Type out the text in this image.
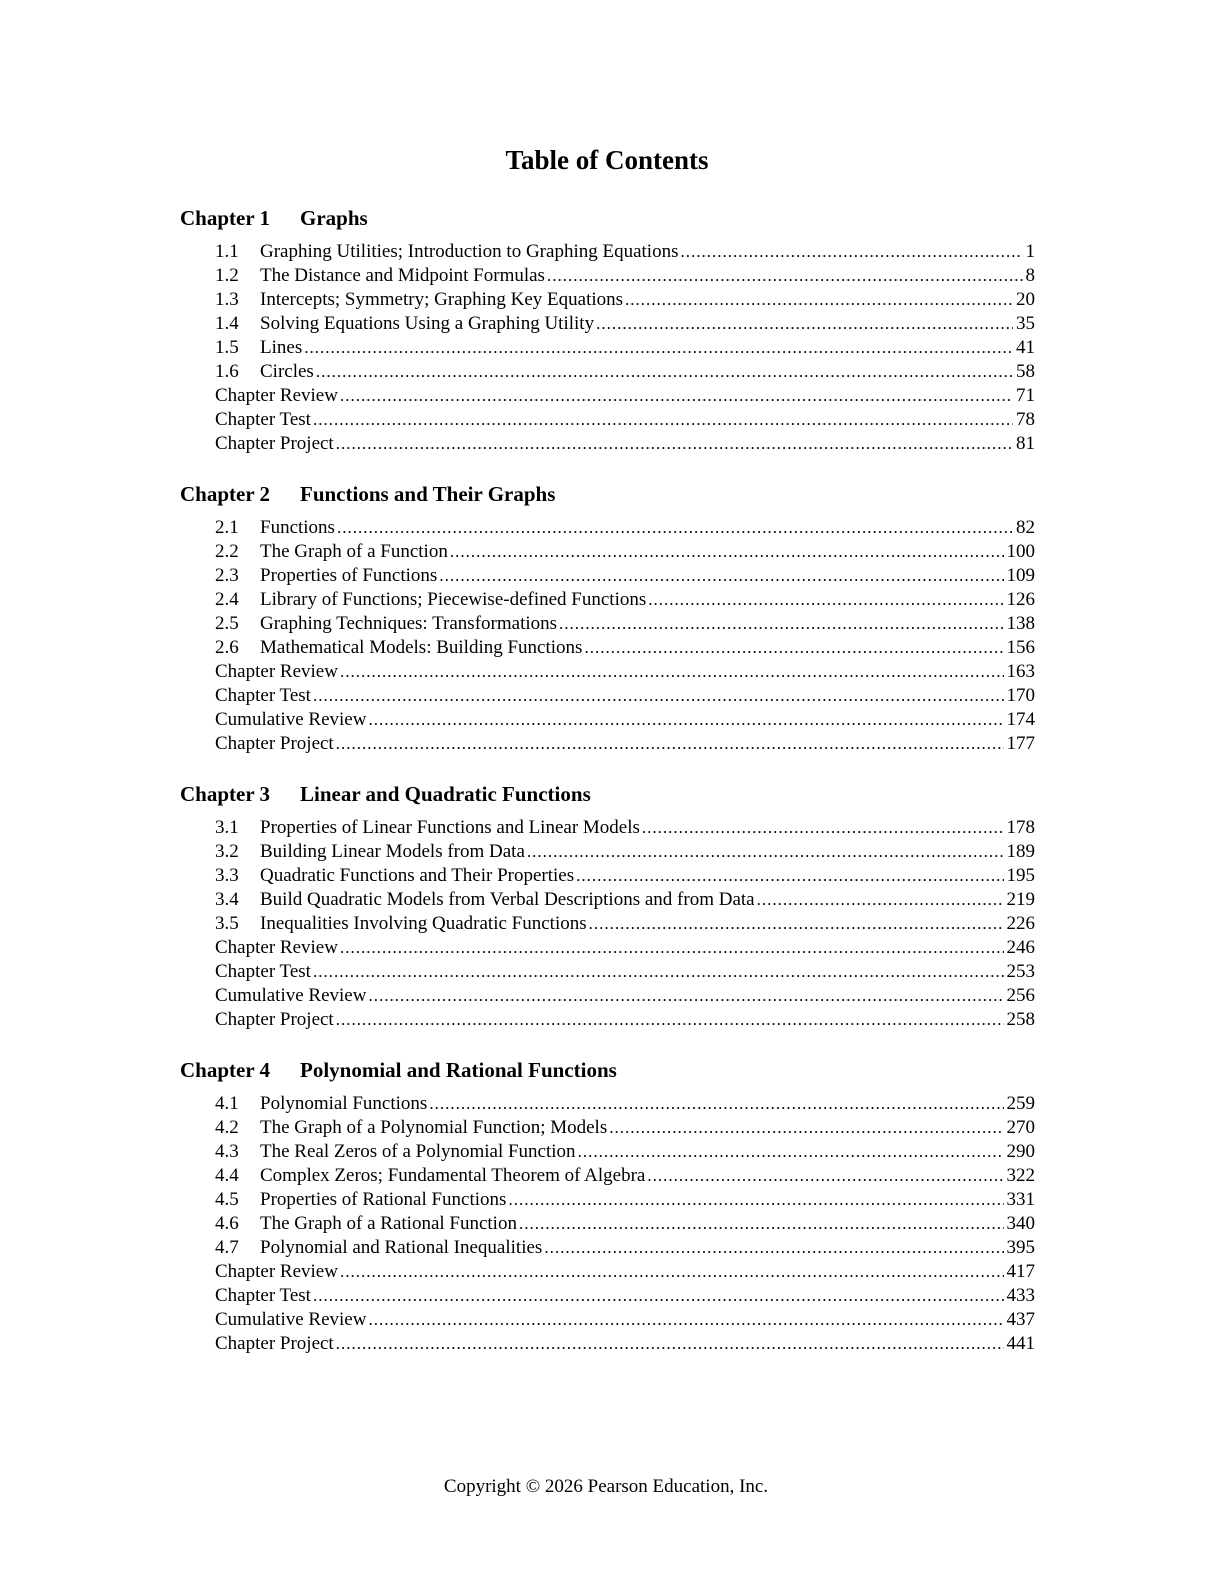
Table of Contents
Chapter 1 Graphs
1.1	Graphing Utilities; Introduction to Graphing Equations .....	1
1.2	The Distance and Midpoint Formulas .....	8
1.3	Intercepts; Symmetry; Graphing Key Equations .....	20
1.4	Solving Equations Using a Graphing Utility .....	35
1.5	Lines .....	41
1.6	Circles .....	58
Chapter Review .....	71
Chapter Test .....	78
Chapter Project .....	81
Chapter 2 Functions and Their Graphs
2.1	Functions .....	82
2.2	The Graph of a Function .....	100
2.3	Properties of Functions .....	109
2.4	Library of Functions; Piecewise-defined Functions .....	126
2.5	Graphing Techniques: Transformations .....	138
2.6	Mathematical Models: Building Functions .....	156
Chapter Review .....	163
Chapter Test .....	170
Cumulative Review .....	174
Chapter Project .....	177
Chapter 3 Linear and Quadratic Functions
3.1	Properties of Linear Functions and Linear Models .....	178
3.2	Building Linear Models from Data .....	189
3.3	Quadratic Functions and Their Properties .....	195
3.4	Build Quadratic Models from Verbal Descriptions and from Data .....	219
3.5	Inequalities Involving Quadratic Functions .....	226
Chapter Review .....	246
Chapter Test .....	253
Cumulative Review .....	256
Chapter Project .....	258
Chapter 4 Polynomial and Rational Functions
4.1	Polynomial Functions .....	259
4.2	The Graph of a Polynomial Function; Models .....	270
4.3	The Real Zeros of a Polynomial Function .....	290
4.4	Complex Zeros; Fundamental Theorem of Algebra .....	322
4.5	Properties of Rational Functions .....	331
4.6	The Graph of a Rational Function .....	340
4.7	Polynomial and Rational Inequalities .....	395
Chapter Review .....	417
Chapter Test .....	433
Cumulative Review .....	437
Chapter Project .....	441
Copyright © 2026 Pearson Education, Inc.
